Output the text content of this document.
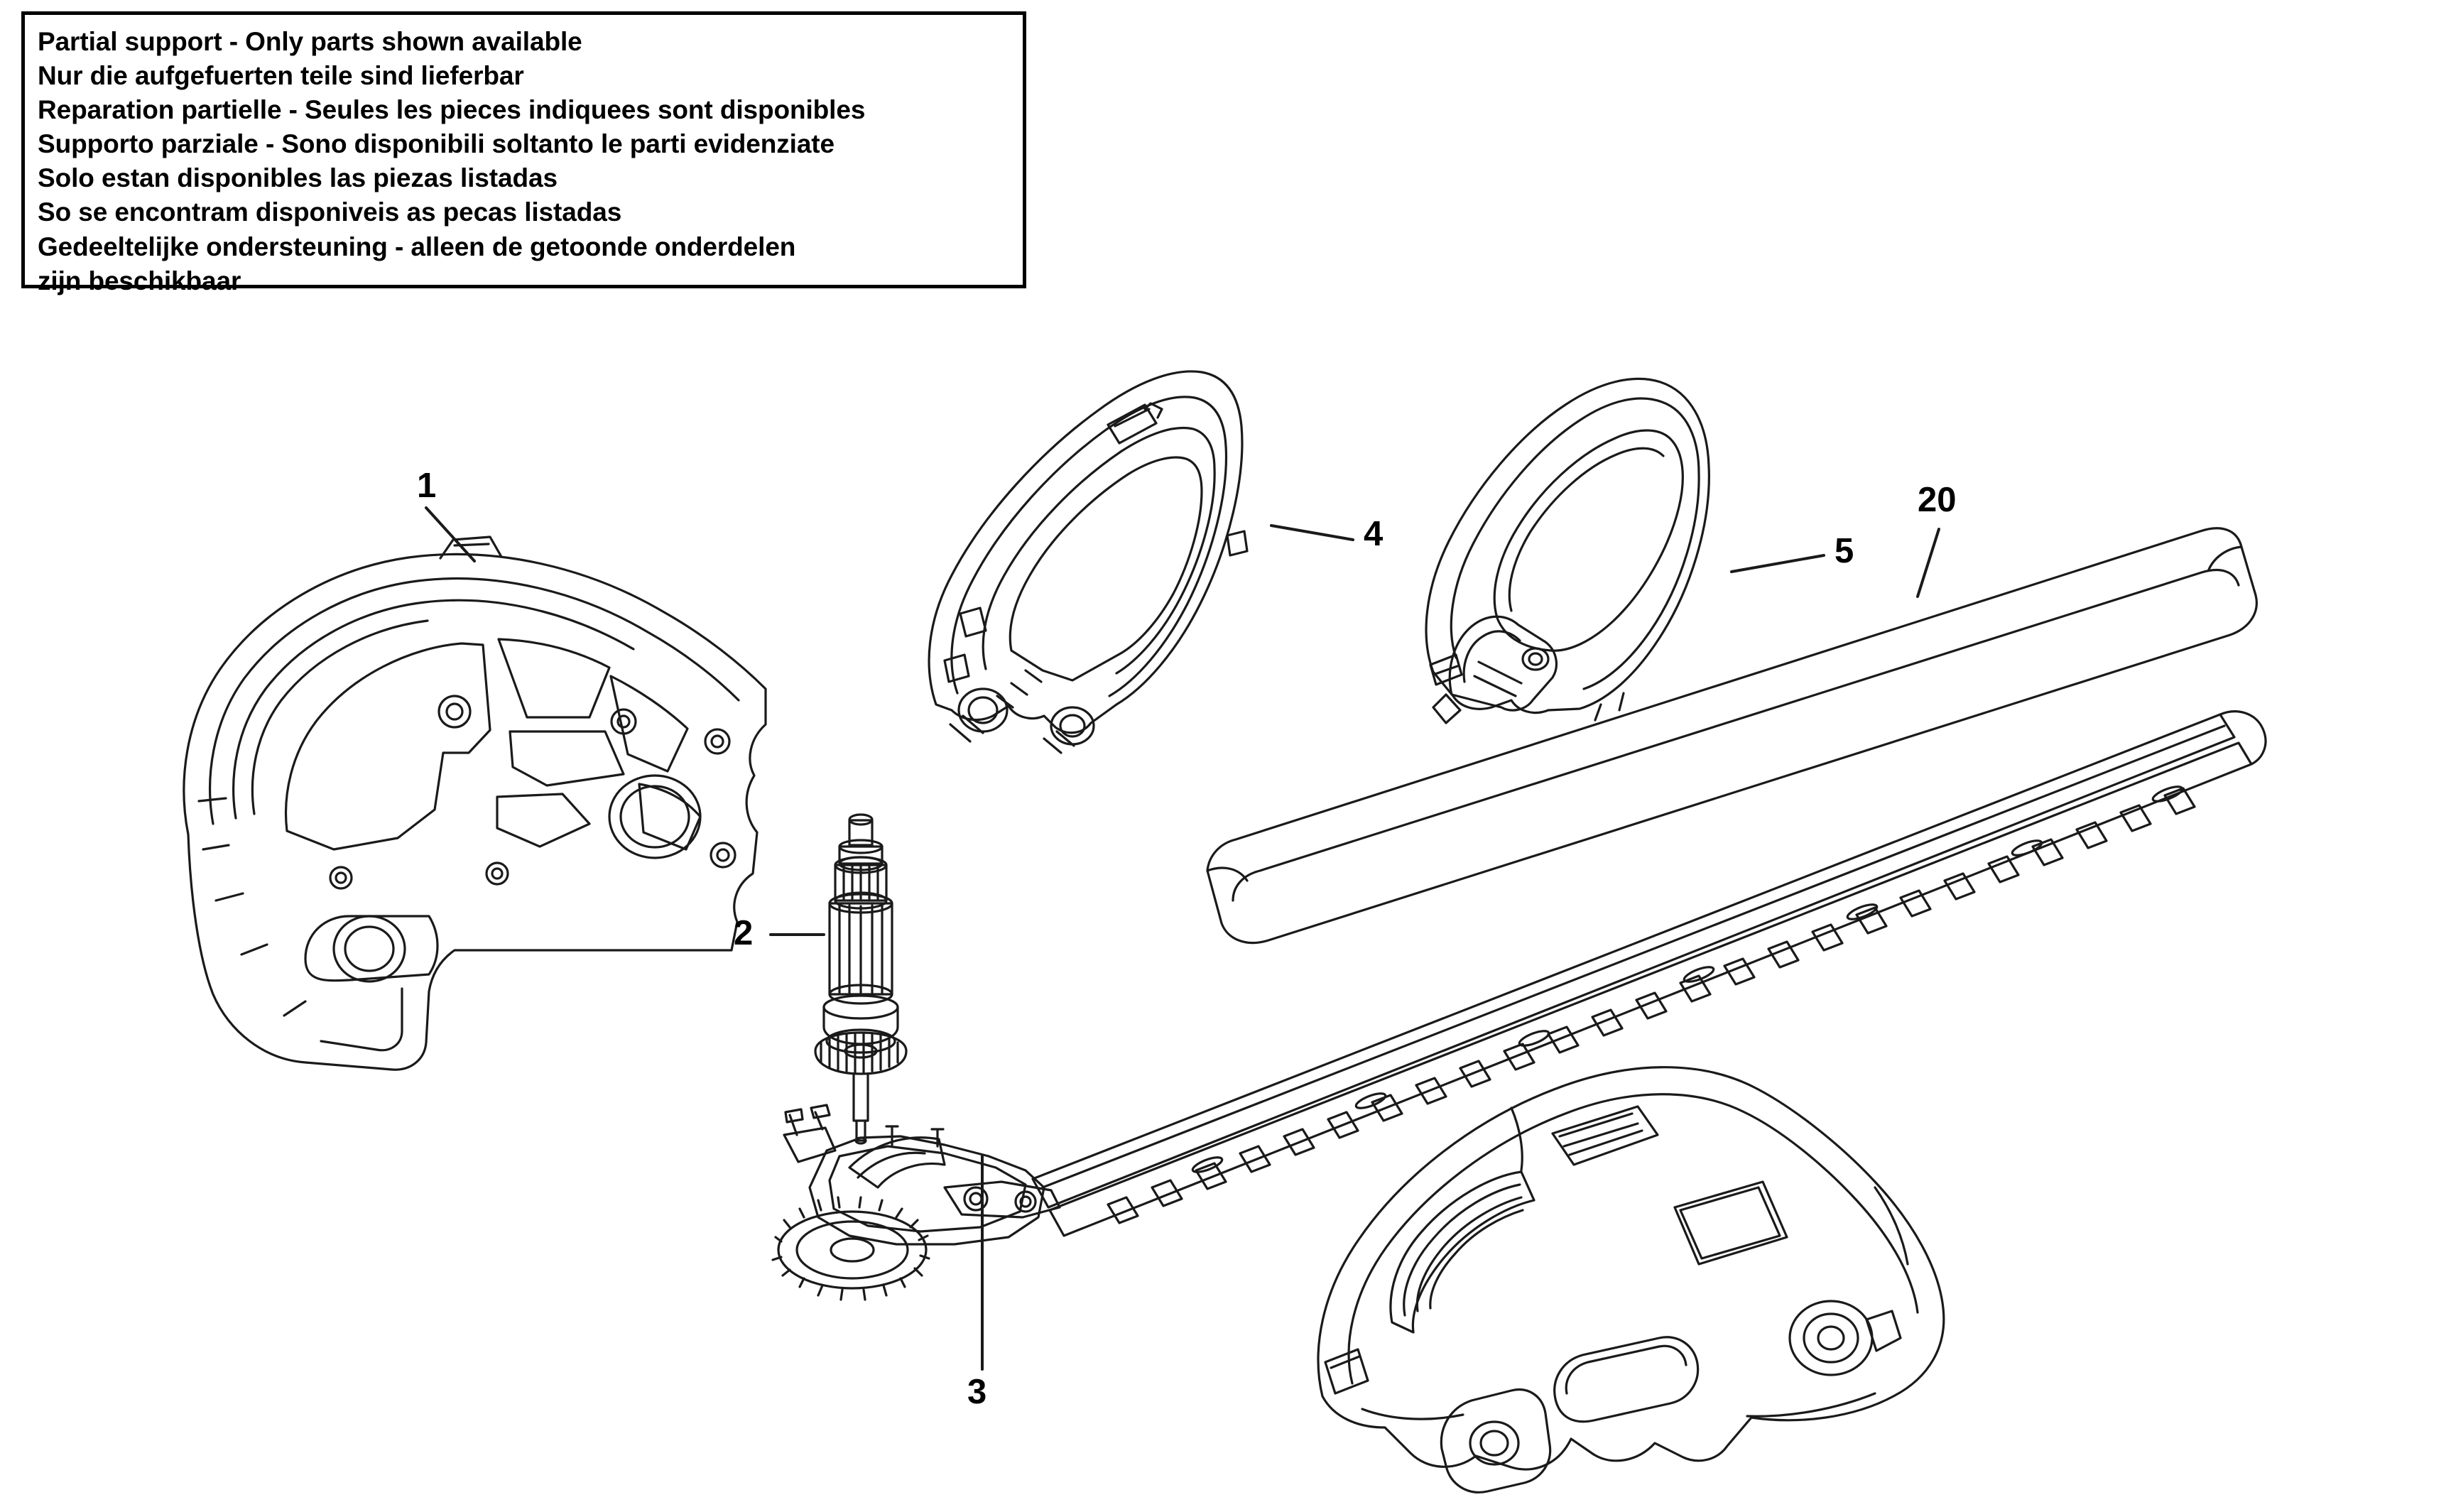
Partial support - Only parts shown available
Nur die aufgefuerten teile sind lieferbar
Reparation partielle - Seules les pieces indiquees sont disponibles
Supporto parziale - Sono disponibili soltanto le parti evidenziate
Solo estan disponibles las piezas listadas
So se encontram disponiveis as pecas listadas
Gedeeltelijke ondersteuning - alleen de getoonde onderdelen
zijn beschikbaar
1
2
3
4	5
20
